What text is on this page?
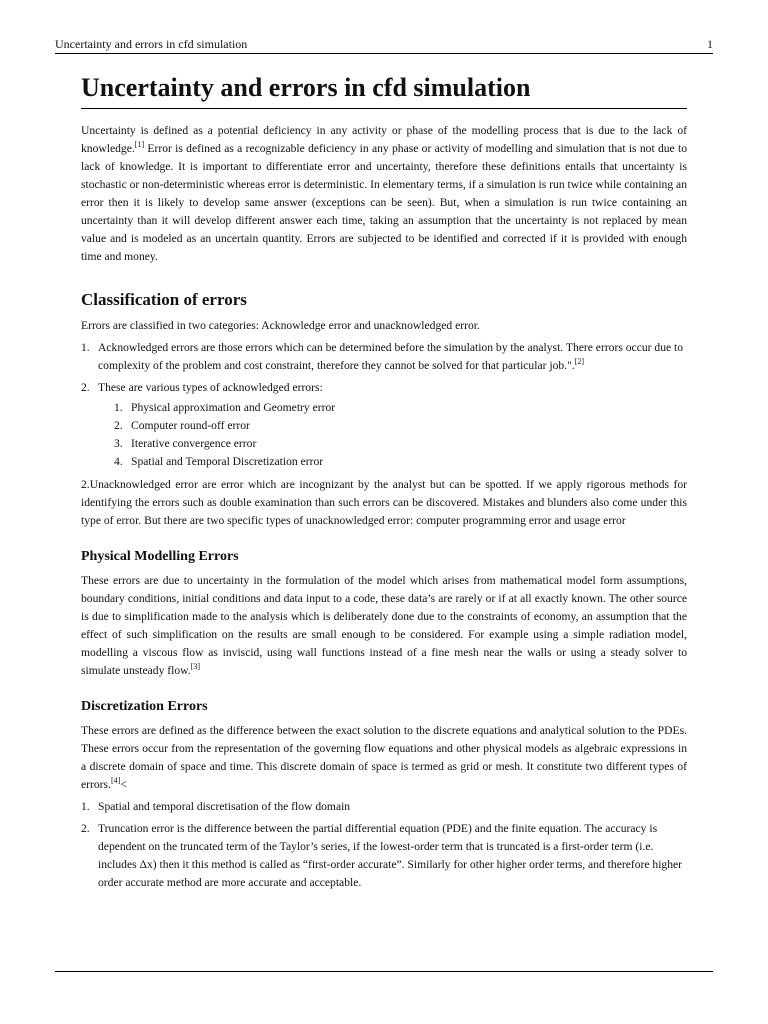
Uncertainty and errors in cfd simulation	1
Uncertainty and errors in cfd simulation

Uncertainty is defined as a potential deficiency in any activity or phase of the modelling process that is due to the lack of knowledge.[1] Error is defined as a recognizable deficiency in any phase or activity of modelling and simulation that is not due to lack of knowledge. It is important to differentiate error and uncertainty, therefore these definitions entails that uncertainty is stochastic or non-deterministic whereas error is deterministic. In elementary terms, if a simulation is run twice while containing an error then it is likely to develop same answer (exceptions can be seen). But, when a simulation is run twice containing an uncertainty than it will develop different answer each time, taking an assumption that the uncertainty is not replaced by mean value and is modeled as an uncertain quantity. Errors are subjected to be identified and corrected if it is provided with enough time and money.

Classification of errors

Errors are classified in two categories: Acknowledge error and unacknowledged error.

1. Acknowledged errors are those errors which can be determined before the simulation by the analyst. There errors occur due to complexity of the problem and cost constraint, therefore they cannot be solved for that particular job.".[2]
2. These are various types of acknowledged errors:
1. Physical approximation and Geometry error
2. Computer round-off error
3. Iterative convergence error
4. Spatial and Temporal Discretization error

2.Unacknowledged error are error which are incognizant by the analyst but can be spotted. If we apply rigorous methods for identifying the errors such as double examination than such errors can be discovered. Mistakes and blunders also come under this type of error. But there are two specific types of unacknowledged error: computer programming error and usage error

Physical Modelling Errors

These errors are due to uncertainty in the formulation of the model which arises from mathematical model form assumptions, boundary conditions, initial conditions and data input to a code, these data’s are rarely or if at all exactly known. The other source is due to simplification made to the analysis which is deliberately done due to the constraints of economy, an assumption that the effect of such simplification on the results are small enough to be considered. For example using a simple radiation model, modelling a viscous flow as inviscid, using wall functions instead of a fine mesh near the walls or using a steady solver to simulate unsteady flow.[3]

Discretization Errors

These errors are defined as the difference between the exact solution to the discrete equations and analytical solution to the PDEs. These errors occur from the representation of the governing flow equations and other physical models as algebraic expressions in a discrete domain of space and time. This discrete domain of space is termed as grid or mesh. It constitute two different types of errors.[4]<

1. Spatial and temporal discretisation of the flow domain
2. Truncation error is the difference between the partial differential equation (PDE) and the finite equation. The accuracy is dependent on the truncated term of the Taylor’s series, if the lowest-order term that is truncated is a first-order term (i.e. includes Δx) then it this method is called as “first-order accurate”. Similarly for other higher order terms, and therefore higher order accurate method are more accurate and acceptable.
